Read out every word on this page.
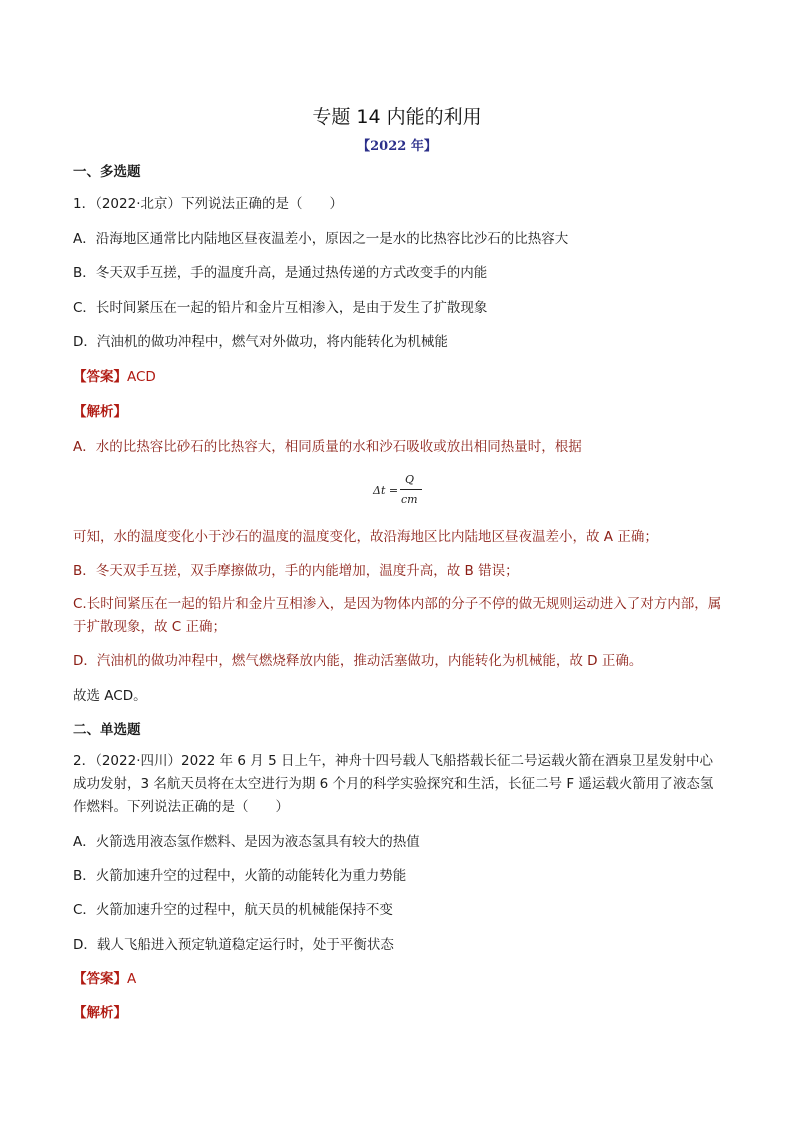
专题 14 内能的利用
【2022 年】
一、多选题
1．（2022·北京）下列说法正确的是（　　）
A．沿海地区通常比内陆地区昼夜温差小，原因之一是水的比热容比沙石的比热容大
B．冬天双手互搓，手的温度升高，是通过热传递的方式改变手的内能
C．长时间紧压在一起的铅片和金片互相渗入，是由于发生了扩散现象
D．汽油机的做功冲程中，燃气对外做功，将内能转化为机械能
【答案】ACD
【解析】
A．水的比热容比砂石的比热容大，相同质量的水和沙石吸收或放出相同热量时，根据
Δt =
Q
cm
可知，水的温度变化小于沙石的温度的温度变化，故沿海地区比内陆地区昼夜温差小，故 A 正确；
B．冬天双手互搓，双手摩擦做功，手的内能增加，温度升高，故 B 错误；
C.长时间紧压在一起的铅片和金片互相渗入，是因为物体内部的分子不停的做无规则运动进入了对方内部，属于扩散现象，故 C 正确；
D．汽油机的做功冲程中，燃气燃烧释放内能，推动活塞做功，内能转化为机械能，故 D 正确。
故选 ACD。
二、单选题
2．（2022·四川）2022 年 6 月 5 日上午，神舟十四号载人飞船搭载长征二号运载火箭在酒泉卫星发射中心成功发射，3 名航天员将在太空进行为期 6 个月的科学实验探究和生活，长征二号 F 遥运载火箭用了液态氢作燃料。下列说法正确的是（　　）
A．火箭选用液态氢作燃料、是因为液态氢具有较大的热值
B．火箭加速升空的过程中，火箭的动能转化为重力势能
C．火箭加速升空的过程中，航天员的机械能保持不变
D．载人飞船进入预定轨道稳定运行时，处于平衡状态
【答案】A
【解析】
